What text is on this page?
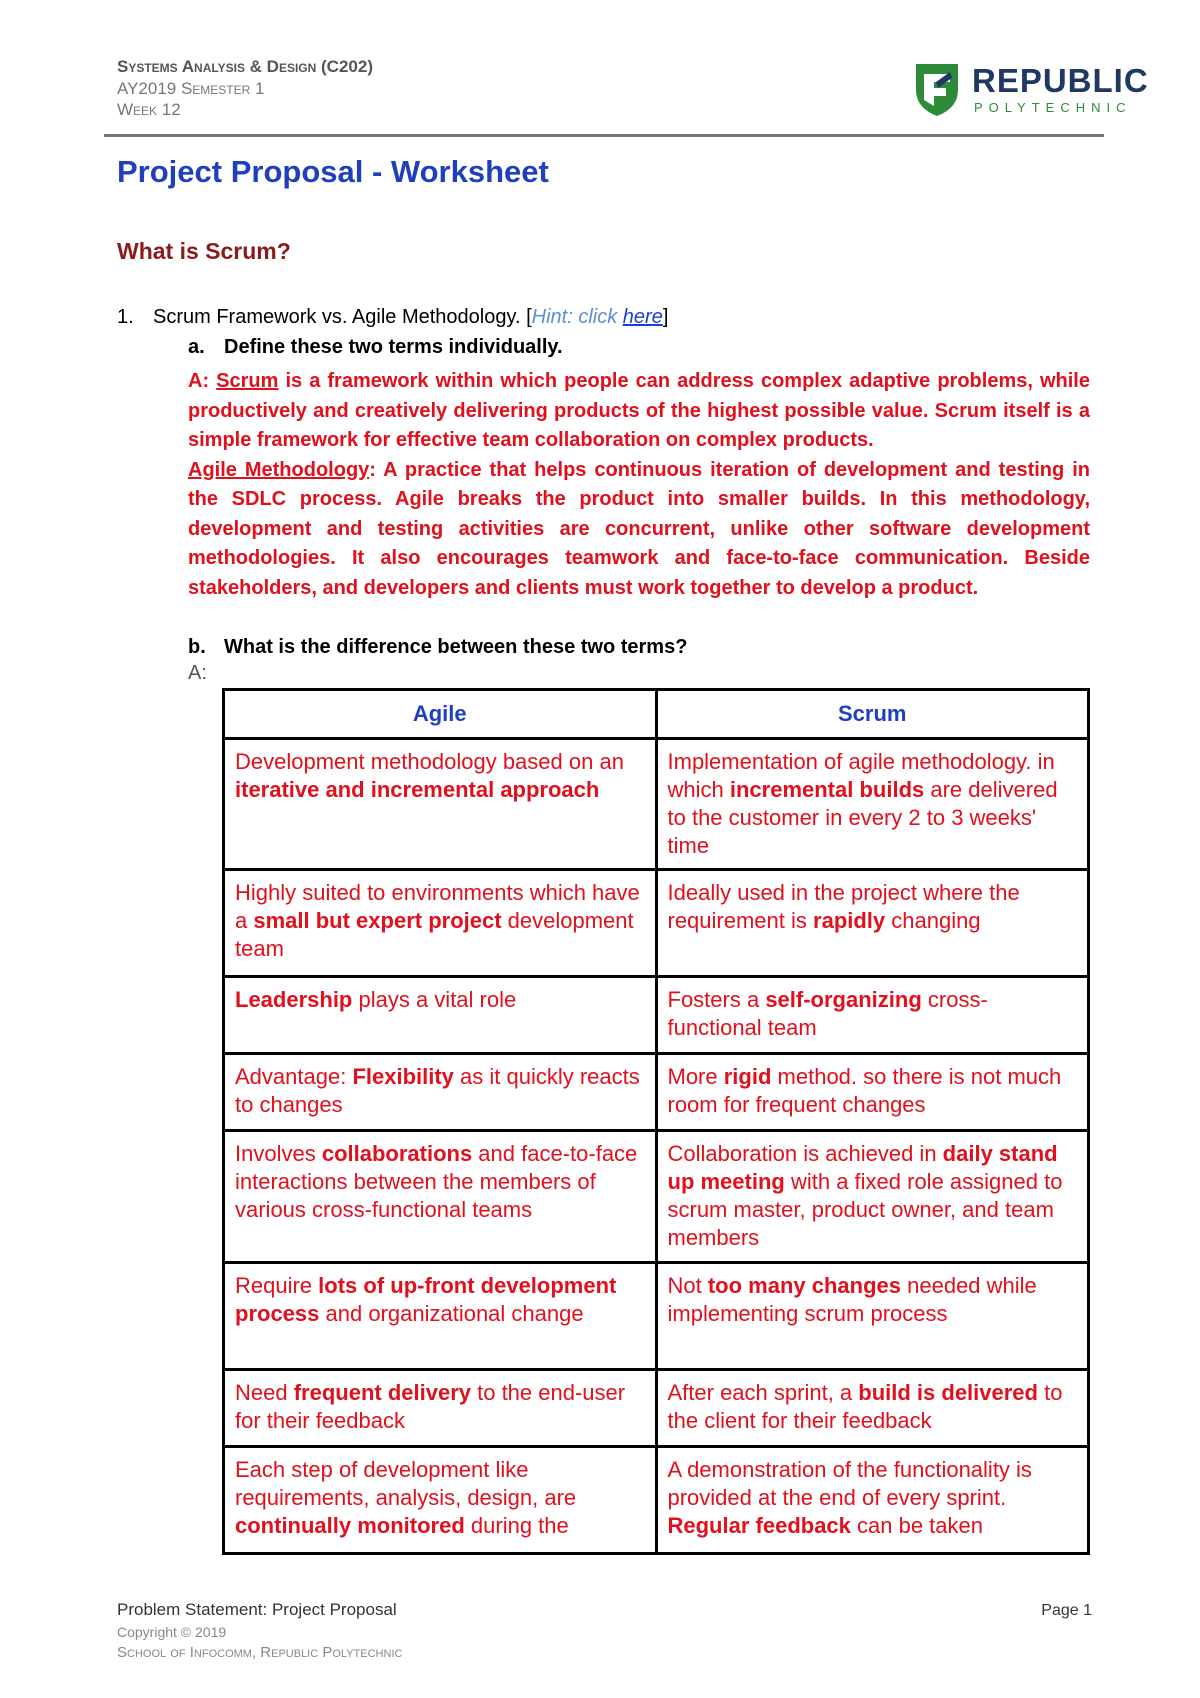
Systems Analysis & Design (C202)
AY2019 Semester 1
Week 12
REPUBLIC
POLYTECHNIC
Project Proposal - Worksheet
What is Scrum?
1. Scrum Framework vs. Agile Methodology. [Hint: click here]
a. Define these two terms individually.
A: Scrum is a framework within which people can address complex adaptive problems, while productively and creatively delivering products of the highest possible value. Scrum itself is a simple framework for effective team collaboration on complex products.
Agile Methodology: A practice that helps continuous iteration of development and testing in the SDLC process. Agile breaks the product into smaller builds. In this methodology, development and testing activities are concurrent, unlike other software development methodologies. It also encourages teamwork and face-to-face communication. Beside stakeholders, and developers and clients must work together to develop a product.
b. What is the difference between these two terms?
A:
Agile	Scrum
Development methodology based on an iterative and incremental approach	Implementation of agile methodology. in which incremental builds are delivered to the customer in every 2 to 3 weeks' time
Highly suited to environments which have a small but expert project development team	Ideally used in the project where the requirement is rapidly changing
Leadership plays a vital role	Fosters a self-organizing cross-functional team
Advantage: Flexibility as it quickly reacts to changes	More rigid method. so there is not much room for frequent changes
Involves collaborations and face-to-face interactions between the members of various cross-functional teams	Collaboration is achieved in daily stand up meeting with a fixed role assigned to scrum master, product owner, and team members
Require lots of up-front development process and organizational change	Not too many changes needed while implementing scrum process
Need frequent delivery to the end-user for their feedback	After each sprint, a build is delivered to the client for their feedback
Each step of development like requirements, analysis, design, are continually monitored during the	A demonstration of the functionality is provided at the end of every sprint. Regular feedback can be taken
Problem Statement: Project Proposal	Page 1
Copyright © 2019
School of Infocomm, Republic Polytechnic
